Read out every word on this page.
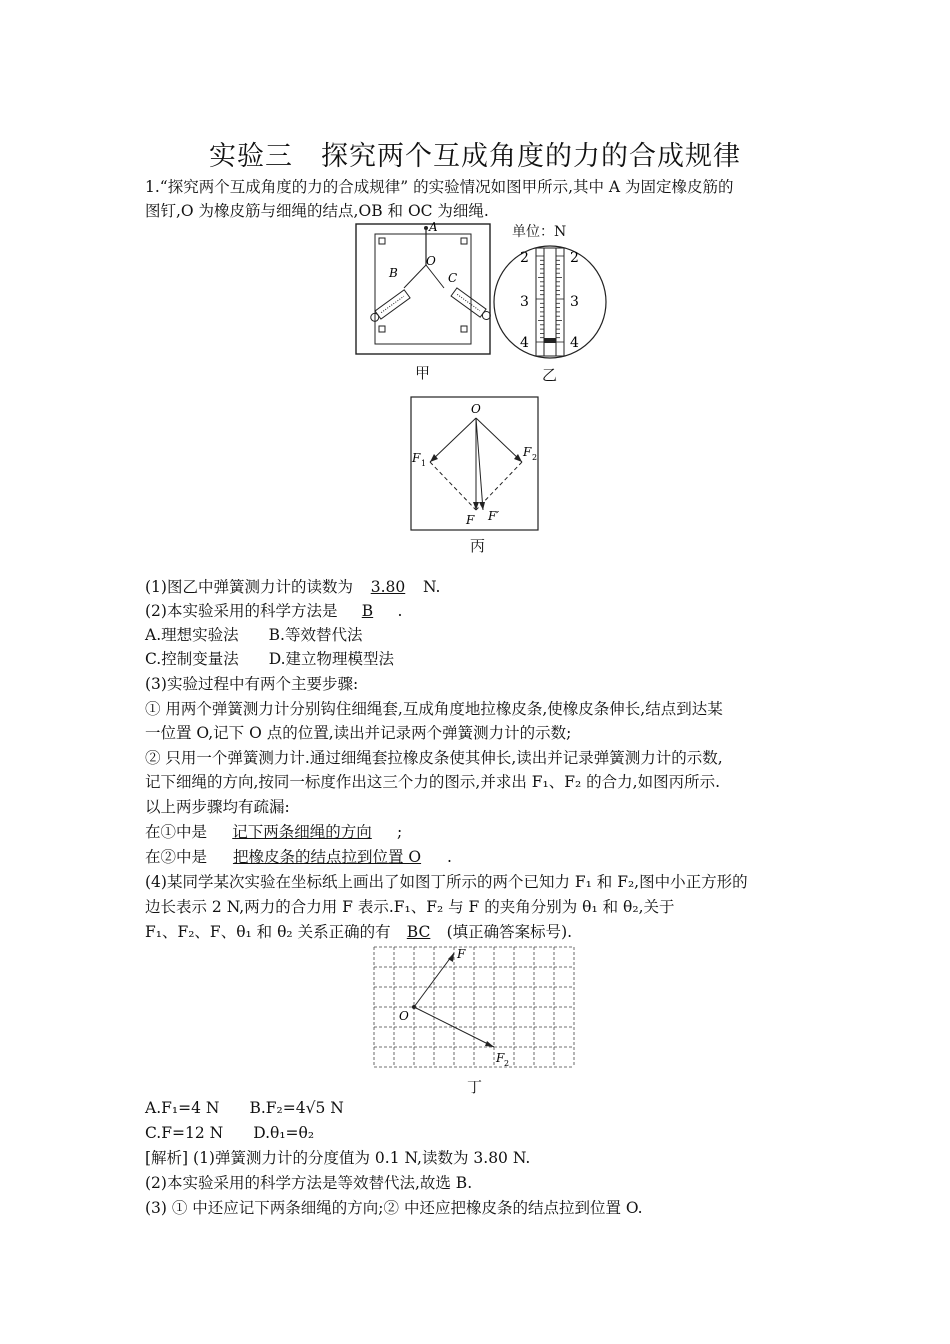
实验三　探究两个互成角度的力的合成规律
1.“探究两个互成角度的力的合成规律” 的实验情况如图甲所示,其中 A 为固定橡皮筋的
图钉,O 为橡皮筋与细绳的结点,OB 和 OC 为细绳.
A
B
O
C
甲
单位：N
2
3
4
2
3
4
乙
O
F 1
F 2
F F′
丙
(1)图乙中弹簧测力计的读数为 3.80 N.
(2)本实验采用的科学方法是 B .
A.理想实验法 B.等效替代法
C.控制变量法 D.建立物理模型法
(3)实验过程中有两个主要步骤:
① 用两个弹簧测力计分别钩住细绳套,互成角度地拉橡皮条,使橡皮条伸长,结点到达某
一位置 O,记下 O 点的位置,读出并记录两个弹簧测力计的示数;
② 只用一个弹簧测力计.通过细绳套拉橡皮条使其伸长,读出并记录弹簧测力计的示数,
记下细绳的方向,按同一标度作出这三个力的图示,并求出 F₁、F₂ 的合力,如图丙所示.
以上两步骤均有疏漏:
在①中是 记下两条细绳的方向 ;
在②中是 把橡皮条的结点拉到位置 O .
(4)某同学某次实验在坐标纸上画出了如图丁所示的两个已知力 F₁ 和 F₂,图中小正方形的
边长表示 2 N,两力的合力用 F 表示.F₁、F₂ 与 F 的夹角分别为 θ₁ 和 θ₂,关于
F₁、F₂、F、θ₁ 和 θ₂ 关系正确的有 BC (填正确答案标号).
O
F
F 2
丁
A.F₁=4 N B.F₂=4√5 N
C.F=12 N D.θ₁=θ₂
[解析] (1)弹簧测力计的分度值为 0.1 N,读数为 3.80 N.
(2)本实验采用的科学方法是等效替代法,故选 B.
(3) ① 中还应记下两条细绳的方向;② 中还应把橡皮条的结点拉到位置 O.
